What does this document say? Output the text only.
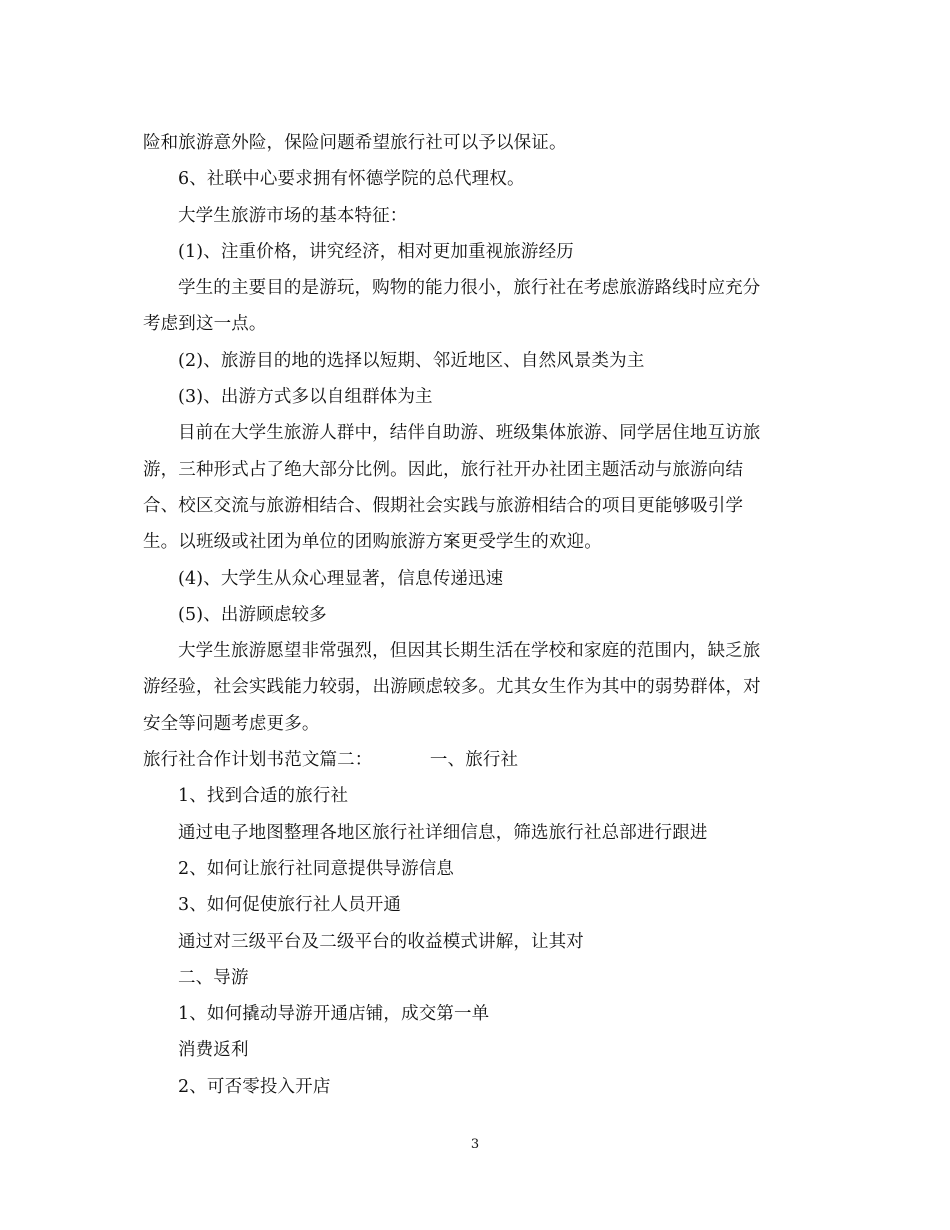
险和旅游意外险，保险问题希望旅行社可以予以保证。
6、社联中心要求拥有怀德学院的总代理权。
大学生旅游市场的基本特征：
(1)、注重价格，讲究经济，相对更加重视旅游经历
学生的主要目的是游玩，购物的能力很小，旅行社在考虑旅游路线时应充分
考虑到这一点。
(2)、旅游目的地的选择以短期、邻近地区、自然风景类为主
(3)、出游方式多以自组群体为主
目前在大学生旅游人群中，结伴自助游、班级集体旅游、同学居住地互访旅
游，三种形式占了绝大部分比例。因此，旅行社开办社团主题活动与旅游向结
合、校区交流与旅游相结合、假期社会实践与旅游相结合的项目更能够吸引学
生。以班级或社团为单位的团购旅游方案更受学生的欢迎。
(4)、大学生从众心理显著，信息传递迅速
(5)、出游顾虑较多
大学生旅游愿望非常强烈，但因其长期生活在学校和家庭的范围内，缺乏旅
游经验，社会实践能力较弱，出游顾虑较多。尤其女生作为其中的弱势群体，对
安全等问题考虑更多。
旅行社合作计划书范文篇二：	一、旅行社
1、找到合适的旅行社
通过电子地图整理各地区旅行社详细信息，筛选旅行社总部进行跟进
2、如何让旅行社同意提供导游信息
3、如何促使旅行社人员开通
通过对三级平台及二级平台的收益模式讲解，让其对
二、导游
1、如何撬动导游开通店铺，成交第一单
消费返利
2、可否零投入开店
3
